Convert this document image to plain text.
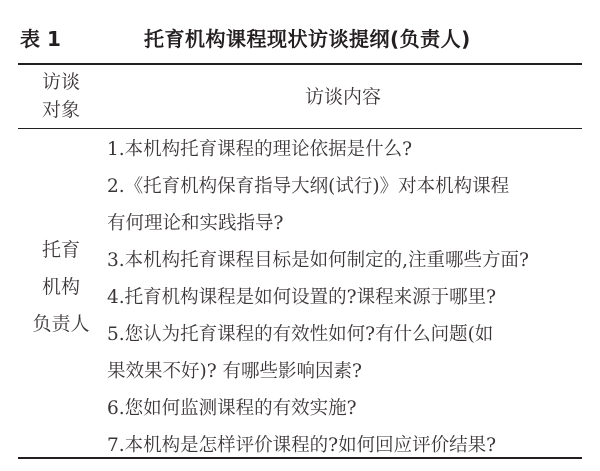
表 1	托育机构课程现状访谈提纲(负责人)
访谈
对象
访谈内容
托育
机构
负责人
1.本机构托育课程的理论依据是什么?
2.《托育机构保育指导大纲(试行)》对本机构课程
有何理论和实践指导?
3.本机构托育课程目标是如何制定的,注重哪些方面?
4.托育机构课程是如何设置的?课程来源于哪里?
5.您认为托育课程的有效性如何?有什么问题(如
果效果不好)? 有哪些影响因素?
6.您如何监测课程的有效实施?
7.本机构是怎样评价课程的?如何回应评价结果?
